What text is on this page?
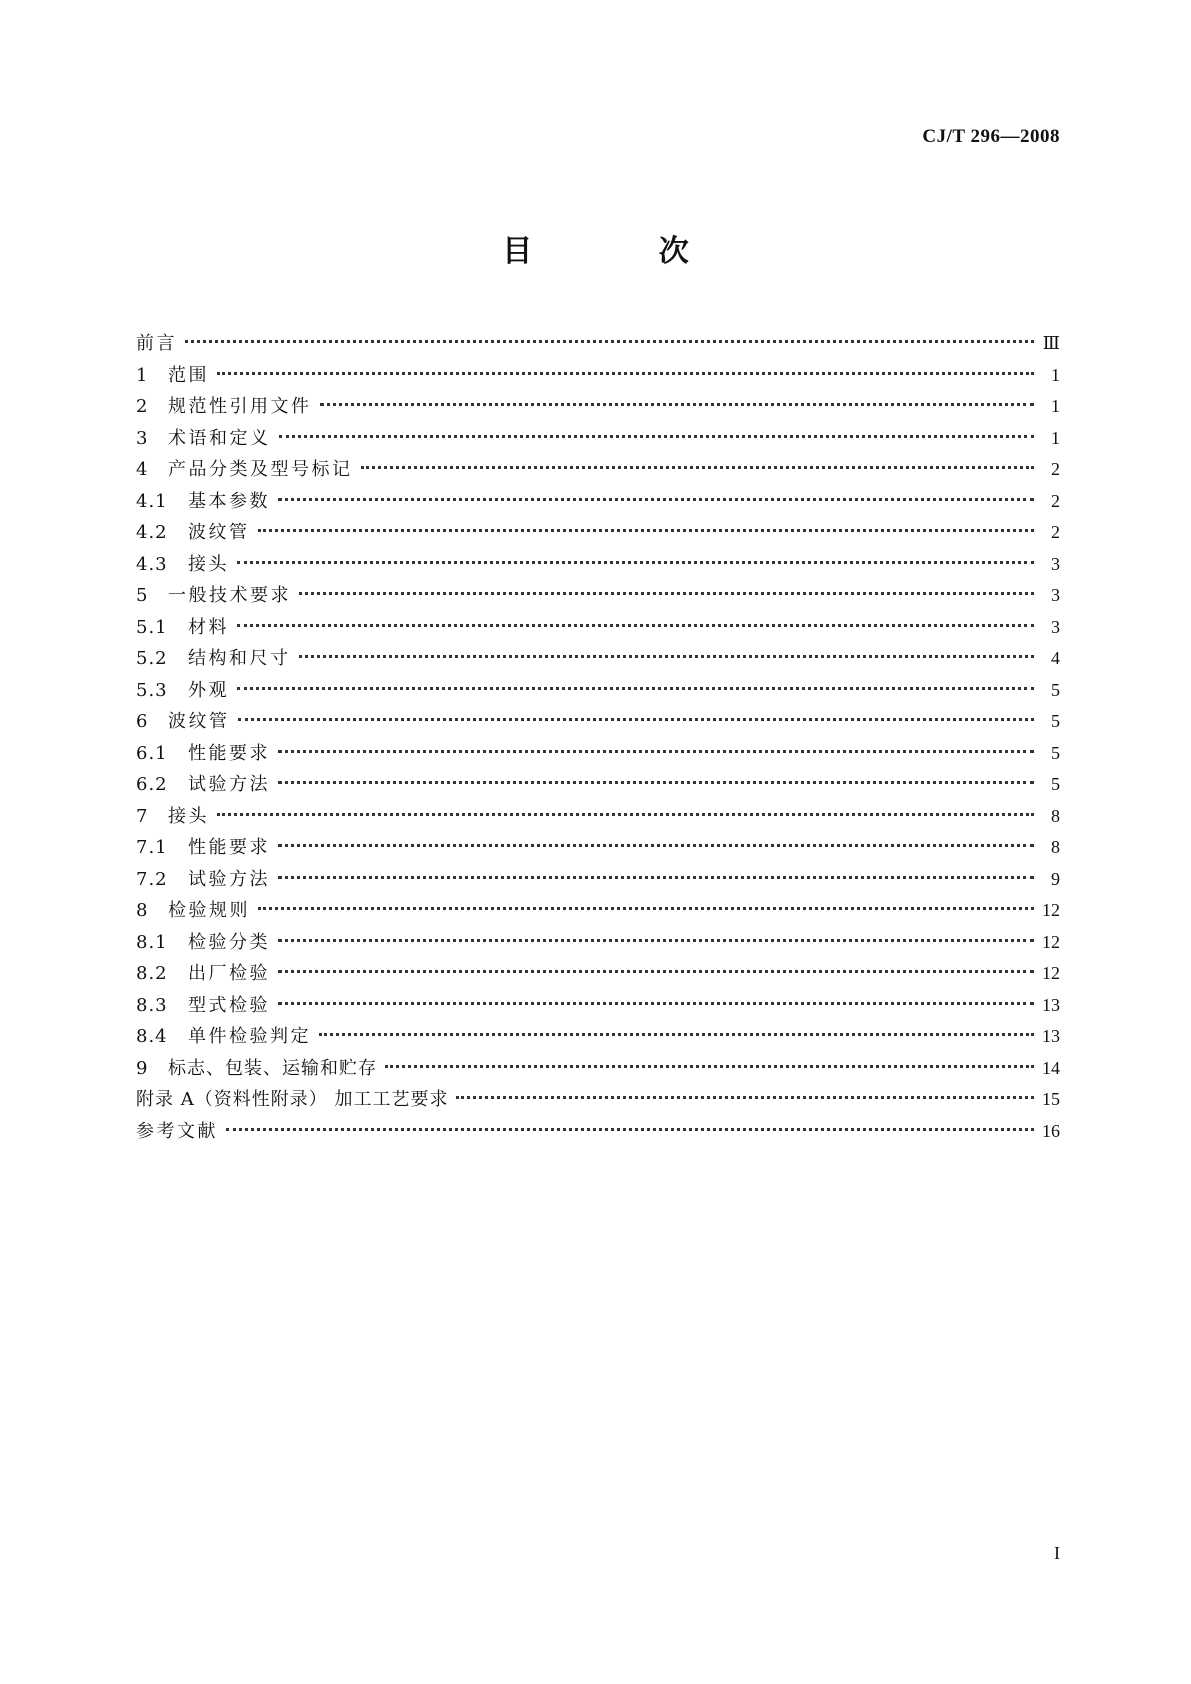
CJ/T 296—2008
目 次
前言	Ⅲ
1	范围	1
2	规范性引用文件	1
3	术语和定义	1
4	产品分类及型号标记	2
4.1	基本参数	2
4.2	波纹管	2
4.3	接头	3
5	一般技术要求	3
5.1	材料	3
5.2	结构和尺寸	4
5.3	外观	5
6	波纹管	5
6.1	性能要求	5
6.2	试验方法	5
7	接头	8
7.1	性能要求	8
7.2	试验方法	9
8	检验规则	12
8.1	检验分类	12
8.2	出厂检验	12
8.3	型式检验	13
8.4	单件检验判定	13
9	标志、包装、运输和贮存	14
附录 A（资料性附录） 加工工艺要求	15
参考文献	16
I
